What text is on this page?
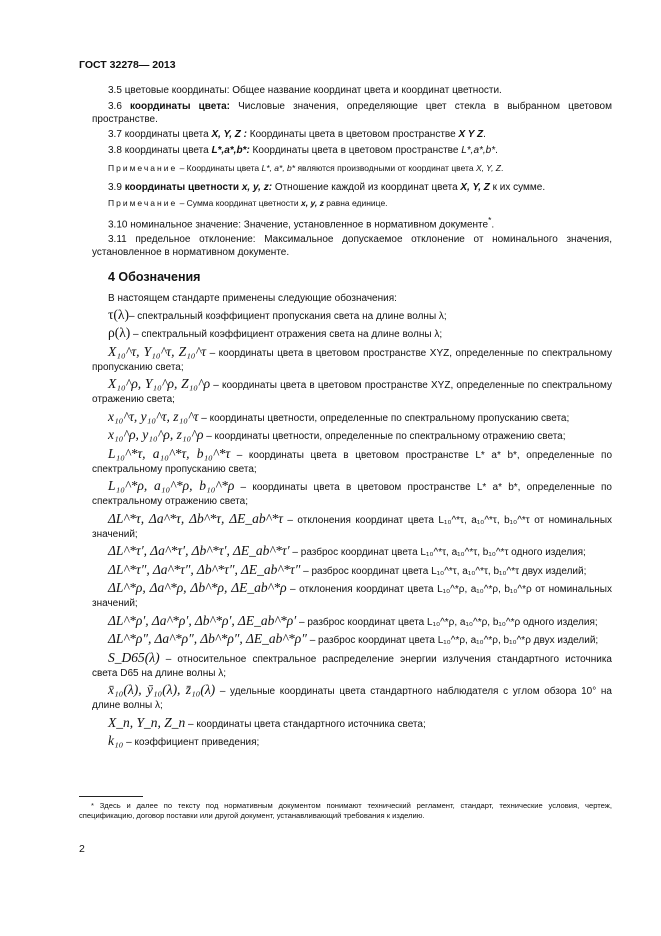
ГОСТ 32278— 2013

3.5 цветовые координаты: Общее название координат цвета и координат цветности.

3.6 координаты цвета: Числовые значения, определяющие цвет стекла в выбранном цветовом пространстве.

3.7 координаты цвета X, Y, Z : Координаты цвета в цветовом пространстве X Y Z.

3.8 координаты цвета L*,a*,b*: Координаты цвета в цветовом пространстве L*,a*,b*.

Примечание – Координаты цвета L*, a*, b* являются производными от координат цвета X, Y, Z.

3.9 координаты цветности x, y, z: Отношение каждой из координат цвета X, Y, Z к их сумме.

Примечание – Сумма координат цветности x, y, z равна единице.

3.10 номинальное значение: Значение, установленное в нормативном документе*.

3.11 предельное отклонение: Максимальное допускаемое отклонение от номинального значения, установленное в нормативном документе.

4 Обозначения

В настоящем стандарте применены следующие обозначения:

τ(λ)– спектральный коэффициент пропускания света на длине волны λ;

ρ(λ) – спектральный коэффициент отражения света на длине волны λ;

X₁₀^τ, Y₁₀^τ, Z₁₀^τ – координаты цвета в цветовом пространстве XYZ, определенные по спектральному пропусканию света;

X₁₀^ρ, Y₁₀^ρ, Z₁₀^ρ – координаты цвета в цветовом пространстве XYZ, определенные по спектральному отражению света;

x₁₀^τ, y₁₀^τ, z₁₀^τ – координаты цветности, определенные по спектральному пропусканию света;

x₁₀^ρ, y₁₀^ρ, z₁₀^ρ – координаты цветности, определенные по спектральному отражению света;

L₁₀^*τ, a₁₀^*τ, b₁₀^*τ – координаты цвета в цветовом пространстве L* a* b*, определенные по спектральному пропусканию света;

L₁₀^*ρ, a₁₀^*ρ, b₁₀^*ρ – координаты цвета в цветовом пространстве L* a* b*, определенные по спектральному отражению света;

ΔL^*τ, Δa^*τ, Δb^*τ, ΔE_ab^*τ – отклонения координат цвета L₁₀^*τ, a₁₀^*τ, b₁₀^*τ от номинальных значений;

ΔL^*τ′, Δa^*τ′, Δb^*τ′, ΔE_ab^*τ′ – разброс координат цвета L₁₀^*τ, a₁₀^*τ, b₁₀^*τ одного изделия;

ΔL^*τ″, Δa^*τ″, Δb^*τ″, ΔE_ab^*τ″ – разброс координат цвета L₁₀^*τ, a₁₀^*τ, b₁₀^*τ двух изделий;

ΔL^*ρ, Δa^*ρ, Δb^*ρ, ΔE_ab^*ρ – отклонения координат цвета L₁₀^*ρ, a₁₀^*ρ, b₁₀^*ρ от номинальных значений;

ΔL^*ρ′, Δa^*ρ′, Δb^*ρ′, ΔE_ab^*ρ′ – разброс координат цвета L₁₀^*ρ, a₁₀^*ρ, b₁₀^*ρ одного изделия;

ΔL^*ρ″, Δa^*ρ″, Δb^*ρ″, ΔE_ab^*ρ″ – разброс координат цвета L₁₀^*ρ, a₁₀^*ρ, b₁₀^*ρ двух изделий;

S_D65(λ) – относительное спектральное распределение энергии излучения стандартного источника света D65 на длине волны λ;

x̄₁₀(λ), ȳ₁₀(λ), z̄₁₀(λ) – удельные координаты цвета стандартного наблюдателя с углом обзора 10° на длине волны λ;

X_n, Y_n, Z_n – координаты цвета стандартного источника света;

k₁₀ – коэффициент приведения;

* Здесь и далее по тексту под нормативным документом понимают технический регламент, стандарт, технические условия, чертеж, спецификацию, договор поставки или другой документ, устанавливающий требования к изделию.
2
